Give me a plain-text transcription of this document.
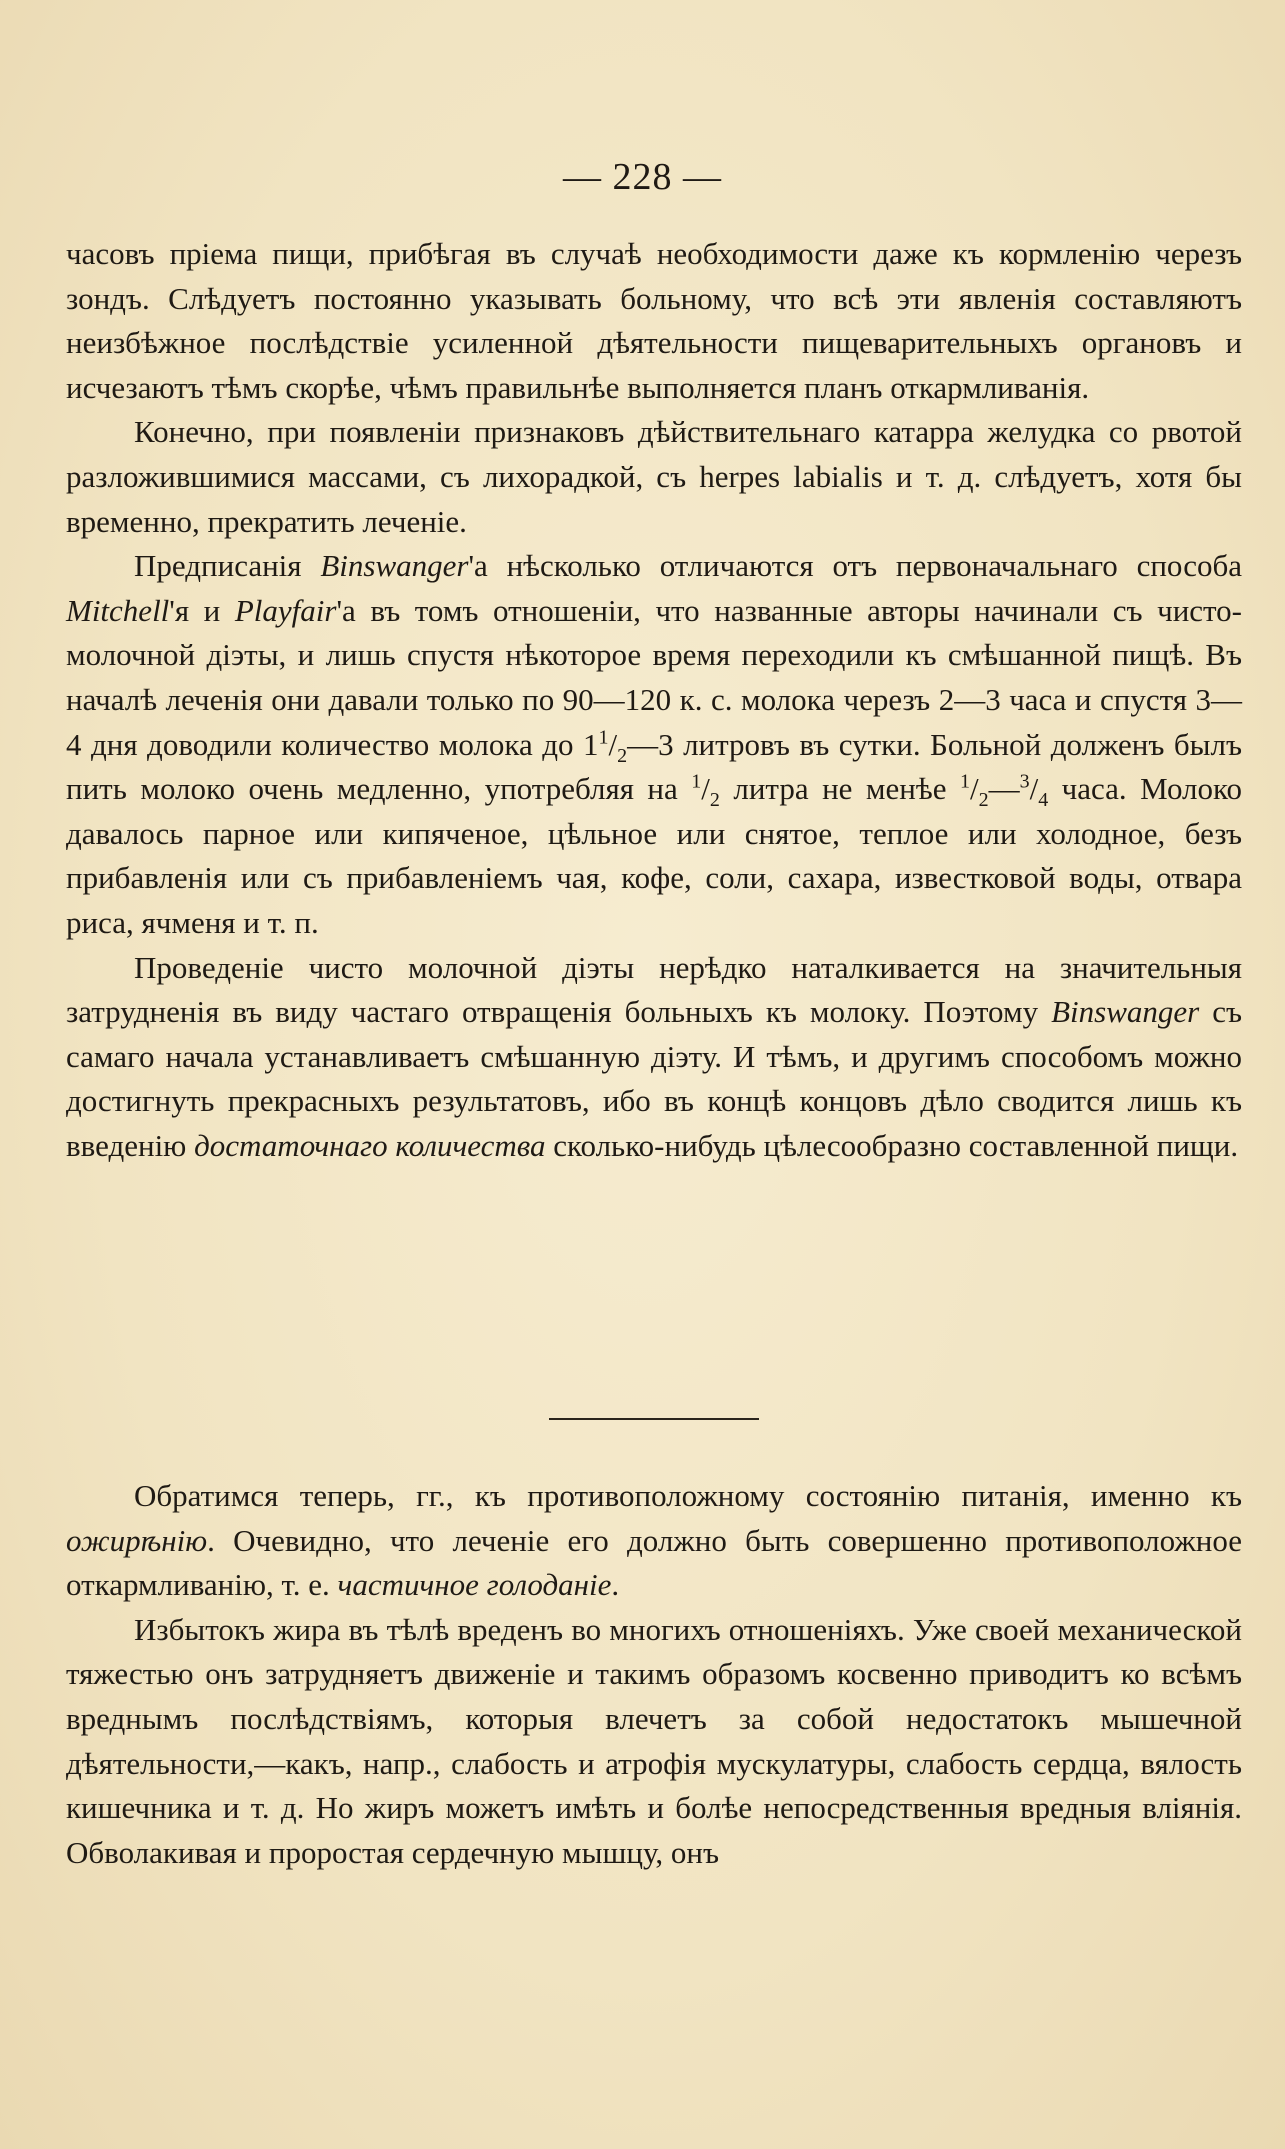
— 228 —

часовъ пріема пищи, прибѣгая въ случаѣ необходимости даже къ кормленію черезъ зондъ. Слѣдуетъ постоянно указывать больному, что всѣ эти явленія составляютъ неизбѣжное послѣдствіе усиленной дѣятельности пищеварительныхъ органовъ и исчезаютъ тѣмъ скорѣе, чѣмъ правильнѣе выполняется планъ откармливанія.

Конечно, при появленіи признаковъ дѣйствительнаго катарра желудка со рвотой разложившимися массами, съ лихорадкой, съ herpes labialis и т. д. слѣдуетъ, хотя бы временно, прекратить леченіе.

Предписанія Binswanger'а нѣсколько отличаются отъ первоначальнаго способа Mitchell'я и Playfair'а въ томъ отношеніи, что названные авторы начинали съ чисто-молочной діэты, и лишь спустя нѣкоторое время переходили къ смѣшанной пищѣ. Въ началѣ леченія они давали только по 90—120 к. с. молока черезъ 2—3 часа и спустя 3—4 дня доводили количество молока до $1^1/_2—3$ литровъ въ сутки. Больной долженъ былъ пить молоко очень медленно, употребляя на $^1/_2$ литра не менѣе $^1/_2—^3/_4$ часа. Молоко давалось парное или кипяченое, цѣльное или снятое, теплое или холодное, безъ прибавленія или съ прибавленіемъ чая, кофе, соли, сахара, известковой воды, отвара риса, ячменя и т. п.

Проведеніе чисто молочной діэты нерѣдко наталкивается на значительныя затрудненія въ виду частаго отвращенія больныхъ къ молоку. Поэтому Binswanger съ самаго начала устанавливаетъ смѣшанную діэту. И тѣмъ, и другимъ способомъ можно достигнуть прекрасныхъ результатовъ, ибо въ концѣ концовъ дѣло сводится лишь къ введенію достаточнаго количества сколько-нибудь цѣлесообразно составленной пищи.

Обратимся теперь, гг., къ противоположному состоянію питанія, именно къ ожирѣнію. Очевидно, что леченіе его должно быть совершенно противоположное откармливанію, т. е. частичное голоданіе.

Избытокъ жира въ тѣлѣ вреденъ во многихъ отношеніяхъ. Уже своей механической тяжестью онъ затрудняетъ движеніе и такимъ образомъ косвенно приводитъ ко всѣмъ вреднымъ послѣдствіямъ, которыя влечетъ за собой недостатокъ мышечной дѣятельности,—какъ, напр., слабость и атрофія мускулатуры, слабость сердца, вялость кишечника и т. д. Но жиръ можетъ имѣть и болѣе непосредственныя вредныя вліянія. Обволакивая и проростая сердечную мышцу, онъ
